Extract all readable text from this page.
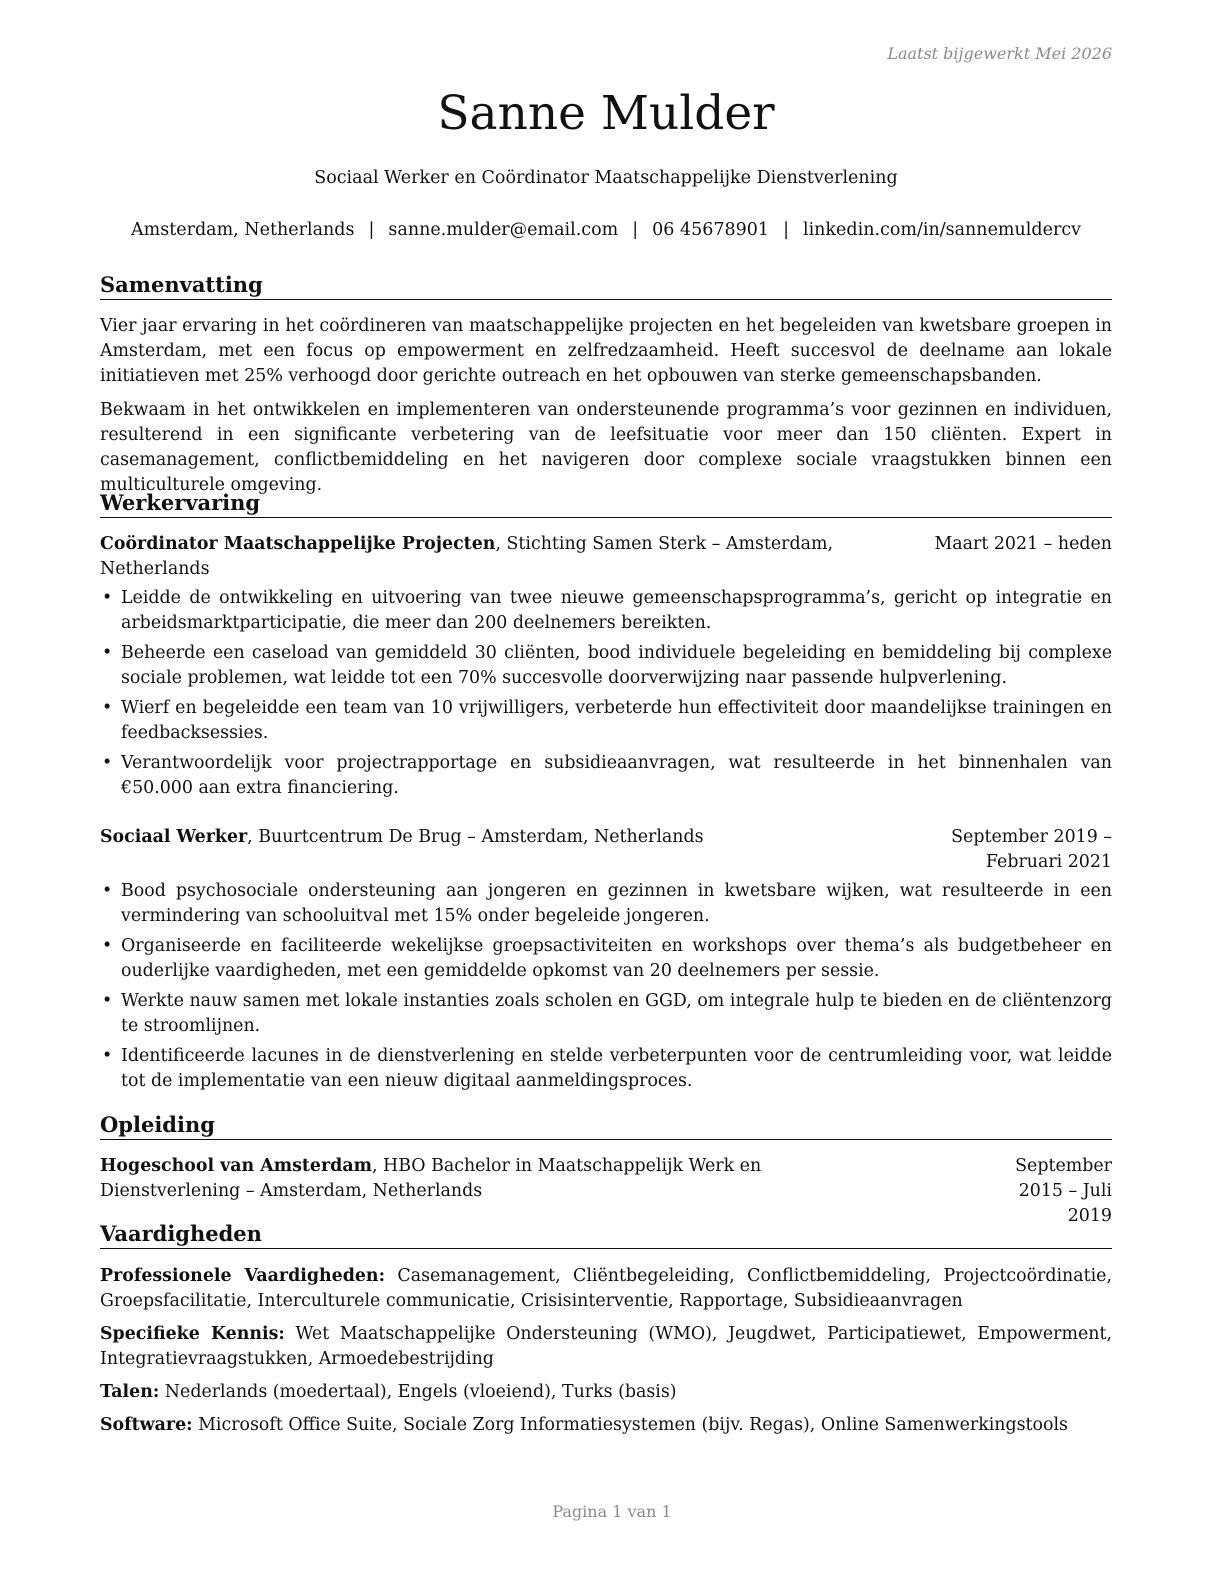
Laatst bijgewerkt Mei 2026
Sanne Mulder
Sociaal Werker en Coördinator Maatschappelijke Dienstverlening
Amsterdam, Netherlands | sanne.mulder@email.com | 06 45678901 | linkedin.com/in/sannemuldercv
Samenvatting

Vier jaar ervaring in het coördineren van maatschappelijke projecten en het begeleiden van kwetsbare groepen in Amsterdam, met een focus op empowerment en zelfredzaamheid. Heeft succesvol de deelname aan lokale initiatieven met 25% verhoogd door gerichte outreach en het opbouwen van sterke gemeenschapsbanden.

Bekwaam in het ontwikkelen en implementeren van ondersteunende programma’s voor gezinnen en individuen, resulterend in een significante verbetering van de leefsituatie voor meer dan 150 cliënten. Expert in casemanagement, conflictbemiddeling en het navigeren door complexe sociale vraagstukken binnen een multiculturele omgeving.

Werkervaring
Coördinator Maatschappelijke Projecten, Stichting Samen Sterk – Amsterdam, Netherlands
Maart 2021 – heden
• Leidde de ontwikkeling en uitvoering van twee nieuwe gemeenschapsprogramma’s, gericht op integratie en arbeidsmarktparticipatie, die meer dan 200 deelnemers bereikten.
• Beheerde een caseload van gemiddeld 30 cliënten, bood individuele begeleiding en bemiddeling bij complexe sociale problemen, wat leidde tot een 70% succesvolle doorverwijzing naar passende hulpverlening.
• Wierf en begeleidde een team van 10 vrijwilligers, verbeterde hun effectiviteit door maandelijkse trainingen en feedbacksessies.
• Verantwoordelijk voor projectrapportage en subsidieaanvragen, wat resulteerde in het binnenhalen van €50.000 aan extra financiering.
Sociaal Werker, Buurtcentrum De Brug – Amsterdam, Netherlands	September 2019 – Februari 2021
• Bood psychosociale ondersteuning aan jongeren en gezinnen in kwetsbare wijken, wat resulteerde in een vermindering van schooluitval met 15% onder begeleide jongeren.
• Organiseerde en faciliteerde wekelijkse groepsactiviteiten en workshops over thema’s als budgetbeheer en ouderlijke vaardigheden, met een gemiddelde opkomst van 20 deelnemers per sessie.
• Werkte nauw samen met lokale instanties zoals scholen en GGD, om integrale hulp te bieden en de cliëntenzorg te stroomlijnen.
• Identificeerde lacunes in de dienstverlening en stelde verbeterpunten voor de centrumleiding voor, wat leidde tot de implementatie van een nieuw digitaal aanmeldingsproces.
Opleiding
Hogeschool van Amsterdam, HBO Bachelor in Maatschappelijk Werk en Dienstverlening – Amsterdam, Netherlands
September 2015 – Juli 2019
Vaardigheden

Professionele Vaardigheden: Casemanagement, Cliëntbegeleiding, Conflictbemiddeling, Projectcoördinatie, Groepsfacilitatie, Interculturele communicatie, Crisisinterventie, Rapportage, Subsidieaanvragen

Specifieke Kennis: Wet Maatschappelijke Ondersteuning (WMO), Jeugdwet, Participatiewet, Empowerment, Integratievraagstukken, Armoedebestrijding

Talen: Nederlands (moedertaal), Engels (vloeiend), Turks (basis)

Software: Microsoft Office Suite, Sociale Zorg Informatiesystemen (bijv. Regas), Online Samenwerkingstools

Pagina 1 van 1
